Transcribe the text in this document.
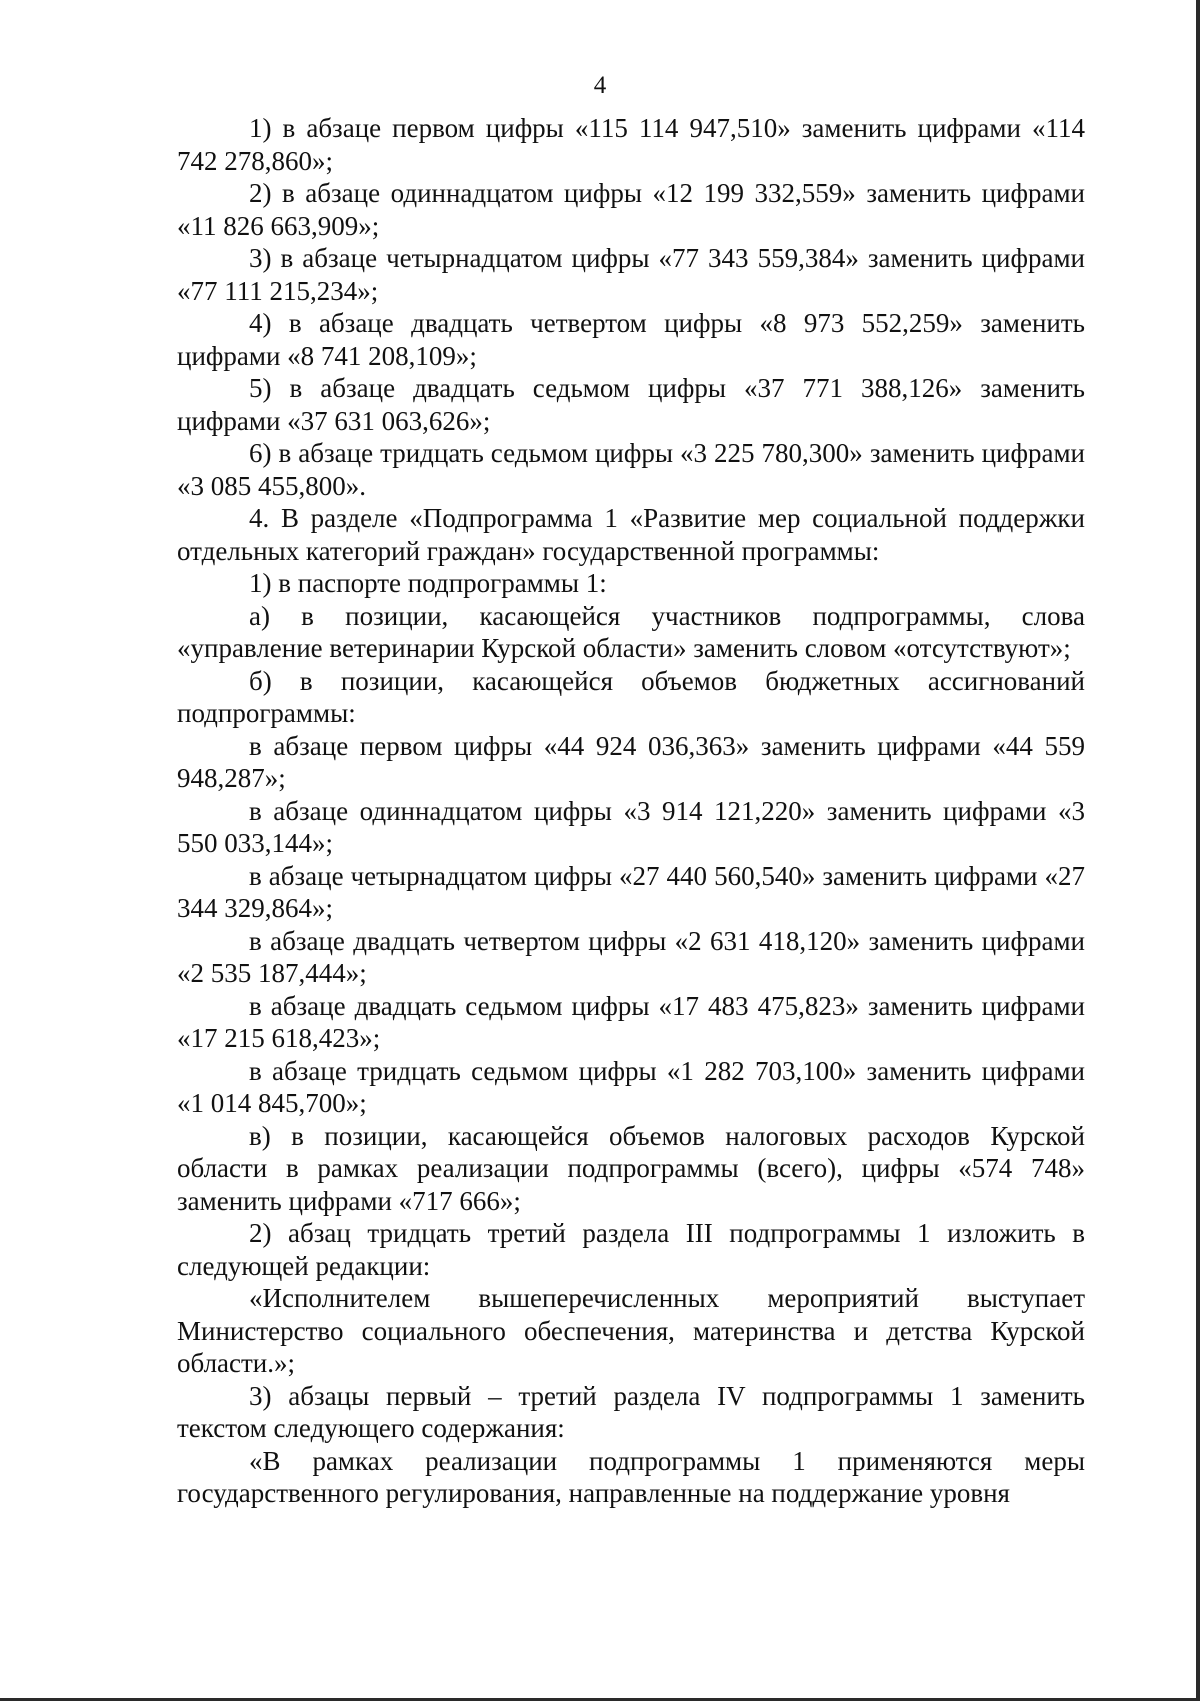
4

1) в абзаце первом цифры «115 114 947,510» заменить цифрами «114 742 278,860»;

2) в абзаце одиннадцатом цифры «12 199 332,559» заменить цифрами «11 826 663,909»;

3) в абзаце четырнадцатом цифры «77 343 559,384» заменить цифрами «77 111 215,234»;

4) в абзаце двадцать четвертом цифры «8 973 552,259» заменить цифрами «8 741 208,109»;

5) в абзаце двадцать седьмом цифры «37 771 388,126» заменить цифрами «37 631 063,626»;

6) в абзаце тридцать седьмом цифры «3 225 780,300» заменить цифрами «3 085 455,800».

4. В разделе «Подпрограмма 1 «Развитие мер социальной поддержки отдельных категорий граждан» государственной программы:

1) в паспорте подпрограммы 1:

а) в позиции, касающейся участников подпрограммы, слова «управление ветеринарии Курской области» заменить словом «отсутствуют»;

б) в позиции, касающейся объемов бюджетных ассигнований подпрограммы:

в абзаце первом цифры «44 924 036,363» заменить цифрами «44 559 948,287»;

в абзаце одиннадцатом цифры «3 914 121,220» заменить цифрами «3 550 033,144»;

в абзаце четырнадцатом цифры «27 440 560,540» заменить цифрами «27 344 329,864»;

в абзаце двадцать четвертом цифры «2 631 418,120» заменить цифрами «2 535 187,444»;

в абзаце двадцать седьмом цифры «17 483 475,823» заменить цифрами «17 215 618,423»;

в абзаце тридцать седьмом цифры «1 282 703,100» заменить цифрами «1 014 845,700»;

в) в позиции, касающейся объемов налоговых расходов Курской области в рамках реализации подпрограммы (всего), цифры «574 748» заменить цифрами «717 666»;

2) абзац тридцать третий раздела III подпрограммы 1 изложить в следующей редакции:

«Исполнителем вышеперечисленных мероприятий выступает Министерство социального обеспечения, материнства и детства Курской области.»;

3) абзацы первый – третий раздела IV подпрограммы 1 заменить текстом следующего содержания:

«В рамках реализации подпрограммы 1 применяются меры государственного регулирования, направленные на поддержание уровня
